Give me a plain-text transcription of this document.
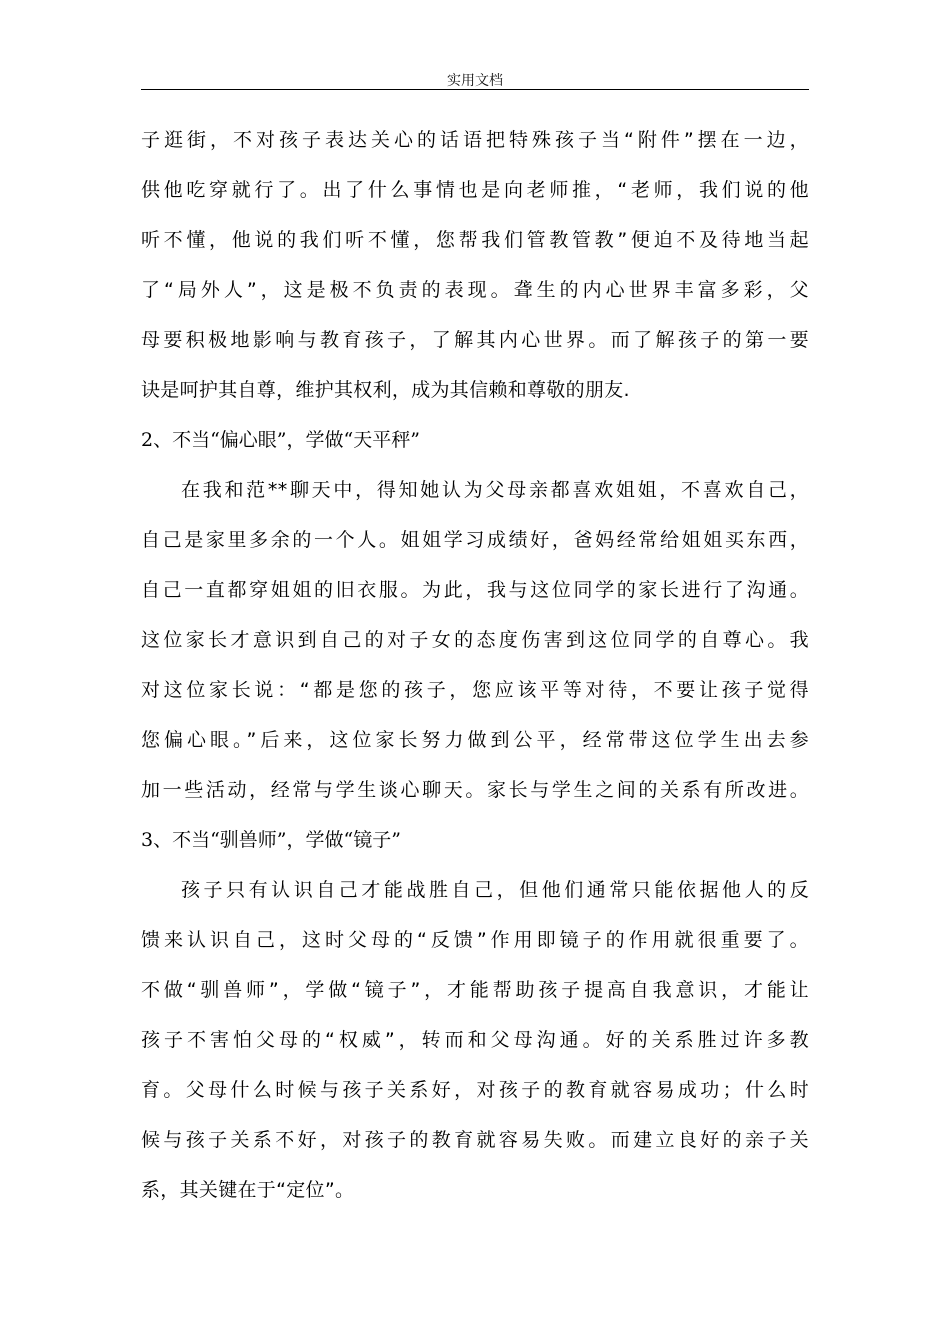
实用文档
子逛街，不对孩子表达关心的话语把特殊孩子当“附件”摆在一边，
供他吃穿就行了。出了什么事情也是向老师推，“老师，我们说的他
听不懂，他说的我们听不懂，您帮我们管教管教”便迫不及待地当起
了“局外人”，这是极不负责的表现。聋生的内心世界丰富多彩，父
母要积极地影响与教育孩子，了解其内心世界。而了解孩子的第一要
诀是呵护其自尊，维护其权利，成为其信赖和尊敬的朋友.
2、不当“偏心眼”，学做“天平秤”
在我和范**聊天中，得知她认为父母亲都喜欢姐姐，不喜欢自己，
自己是家里多余的一个人。姐姐学习成绩好，爸妈经常给姐姐买东西，
自己一直都穿姐姐的旧衣服。为此，我与这位同学的家长进行了沟通。
这位家长才意识到自己的对子女的态度伤害到这位同学的自尊心。我
对这位家长说：“都是您的孩子，您应该平等对待，不要让孩子觉得
您偏心眼。”后来，这位家长努力做到公平，经常带这位学生出去参
加一些活动，经常与学生谈心聊天。家长与学生之间的关系有所改进。
3、不当“驯兽师”，学做“镜子”
孩子只有认识自己才能战胜自己，但他们通常只能依据他人的反
馈来认识自己，这时父母的“反馈”作用即镜子的作用就很重要了。
不做“驯兽师”，学做“镜子”，才能帮助孩子提高自我意识，才能让
孩子不害怕父母的“权威”，转而和父母沟通。好的关系胜过许多教
育。父母什么时候与孩子关系好，对孩子的教育就容易成功；什么时
候与孩子关系不好，对孩子的教育就容易失败。而建立良好的亲子关
系，其关键在于“定位”。
